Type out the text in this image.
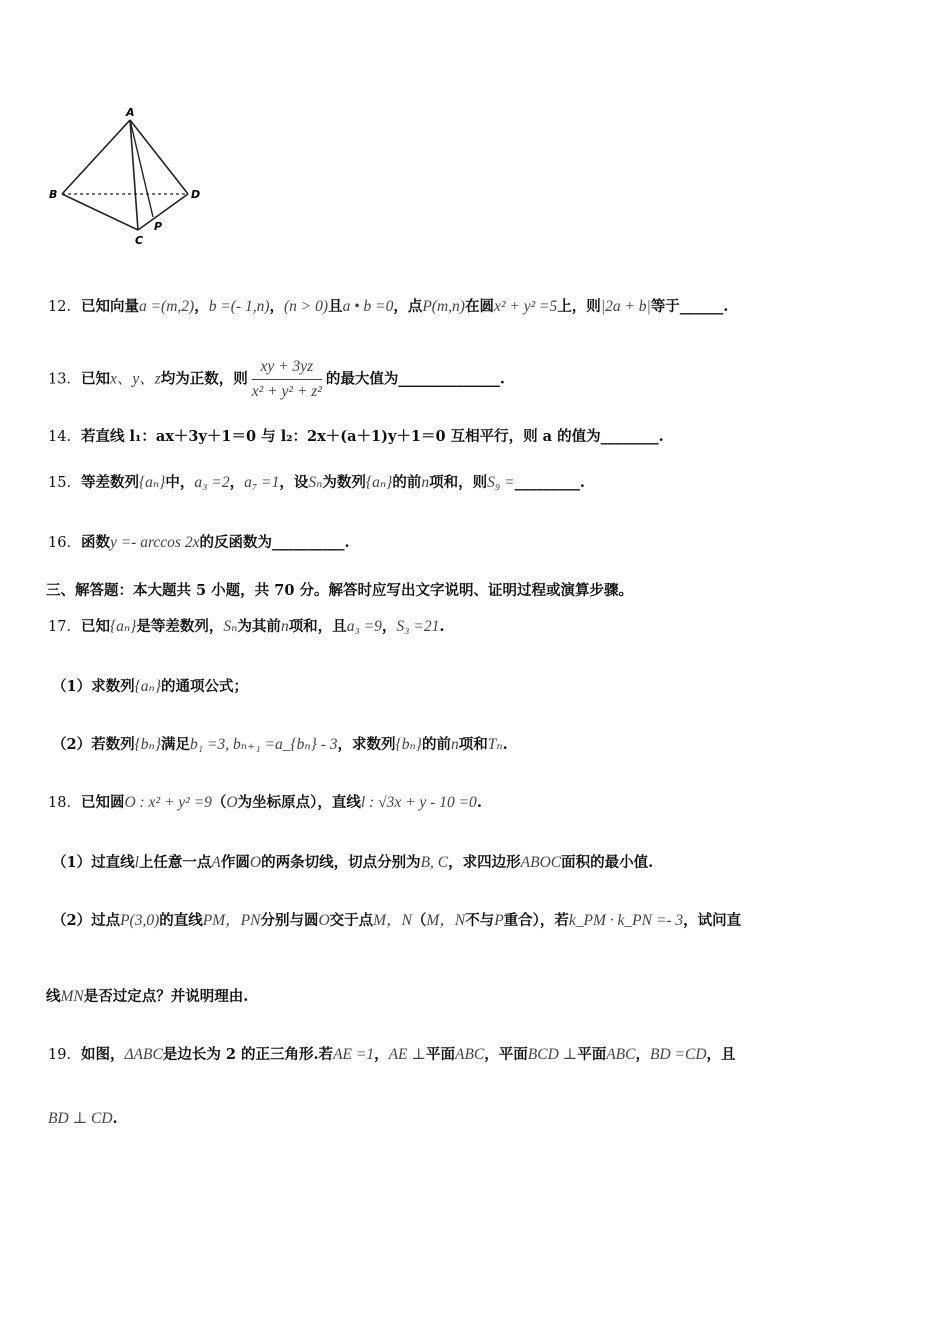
A
B
C
D
P
12．已知向量a =(m,2)，b =(- 1,n)，(n > 0)且a • b =0，点P(m,n)在圆x² + y² =5上，则|2a + b|等于______.
13．已知x、y、z均为正数，则 $\frac{xy + 3yz}{\text{x² + y² + z²}}$ 的最大值为______________.
14．若直线 l₁：ax＋3y＋1＝0 与 l₂：2x＋(a＋1)y＋1＝0 互相平行，则 a 的值为________.
15．等差数列{aₙ}中，a₃ =2，a₇ =1，设Sₙ为数列{aₙ}的前n项和，则S₉ =_________.
16．函数y =- arccos 2x的反函数为__________.
三、解答题：本大题共 5 小题，共 70 分。解答时应写出文字说明、证明过程或演算步骤。
17．已知{aₙ}是等差数列，Sₙ为其前n项和，且a₃ =9，S₃ =21.
（1）求数列{aₙ}的通项公式；
（2）若数列{bₙ}满足b₁ =3, bₙ₊₁ =a_{bₙ} - 3，求数列{bₙ}的前n项和Tₙ.
18．已知圆O : x² + y² =9（O为坐标原点），直线l : √3x + y - 10 =0.
（1）过直线l上任意一点A作圆O的两条切线，切点分别为B, C，求四边形ABOC面积的最小值.
（2）过点P(3,0)的直线PM，PN分别与圆O交于点M，N（M，N不与P重合），若k_PM · k_PN =- 3，试问直
线MN是否过定点？并说明理由.
19．如图，ΔABC是边长为 2 的正三角形.若AE =1，AE ⊥平面ABC，平面BCD ⊥平面ABC，BD =CD，且
BD ⊥ CD.
